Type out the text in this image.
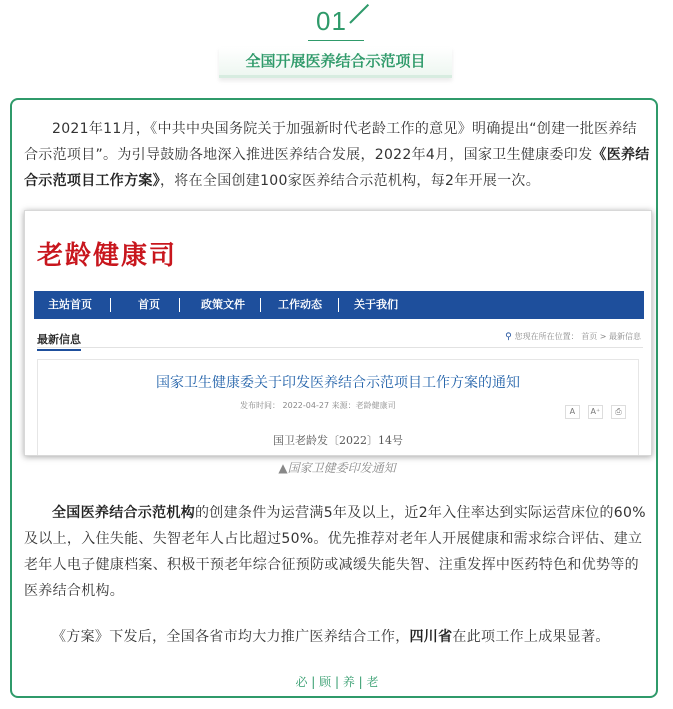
01
全国开展医养结合示范项目
2021年11月，《中共中央国务院关于加强新时代老龄工作的意见》明确提出“创建一批医养结合示范项目”。为引导鼓励各地深入推进医养结合发展，2022年4月，国家卫生健康委印发《医养结合示范项目工作方案》，将在全国创建100家医养结合示范机构，每2年开展一次。
老龄健康司
主站首页	首页	政策文件	工作动态	关于我们
最新信息	⚲ 您现在所在位置： 首页 > 最新信息
国家卫生健康委关于印发医养结合示范项目工作方案的通知
发布时间： 2022-04-27 来源：老龄健康司
A A⁺ ⎙
国卫老龄发〔2022〕14号
▲国家卫健委印发通知
全国医养结合示范机构的创建条件为运营满5年及以上，近2年入住率达到实际运营床位的60%及以上，入住失能、失智老年人占比超过50%。优先推荐对老年人开展健康和需求综合评估、建立老年人电子健康档案、积极干预老年综合征预防或减缓失能失智、注重发挥中医药特色和优势等的医养结合机构。
《方案》下发后，全国各省市均大力推广医养结合工作，四川省在此项工作上成果显著。
必 | 顾 | 养 | 老
